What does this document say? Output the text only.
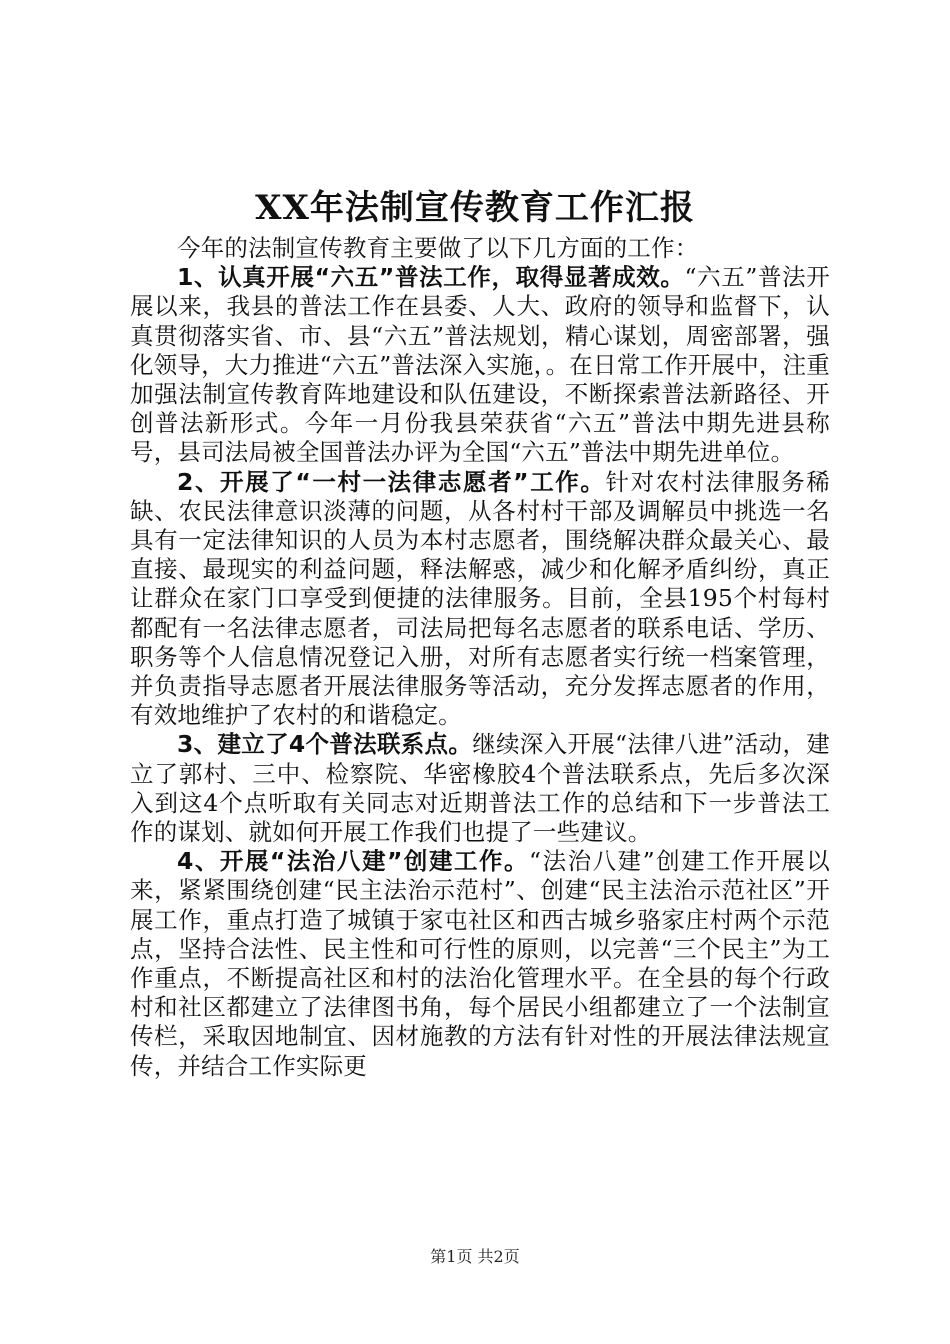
XX年法制宣传教育工作汇报

今年的法制宣传教育主要做了以下几方面的工作：

1、认真开展“六五”普法工作，取得显著成效。“六五”普法开展以来，我县的普法工作在县委、人大、政府的领导和监督下，认真贯彻落实省、市、县“六五”普法规划，精心谋划，周密部署，强化领导，大力推进“六五”普法深入实施，。在日常工作开展中，注重加强法制宣传教育阵地建设和队伍建设，不断探索普法新路径、开创普法新形式。今年一月份我县荣获省“六五”普法中期先进县称号，县司法局被全国普法办评为全国“六五”普法中期先进单位。

2、开展了“一村一法律志愿者”工作。针对农村法律服务稀缺、农民法律意识淡薄的问题，从各村村干部及调解员中挑选一名具有一定法律知识的人员为本村志愿者，围绕解决群众最关心、最直接、最现实的利益问题，释法解惑，减少和化解矛盾纠纷，真正让群众在家门口享受到便捷的法律服务。目前，全县195个村每村都配有一名法律志愿者，司法局把每名志愿者的联系电话、学历、职务等个人信息情况登记入册，对所有志愿者实行统一档案管理，并负责指导志愿者开展法律服务等活动，充分发挥志愿者的作用，有效地维护了农村的和谐稳定。

3、建立了4个普法联系点。继续深入开展“法律八进”活动，建立了郭村、三中、检察院、华密橡胶4个普法联系点，先后多次深入到这4个点听取有关同志对近期普法工作的总结和下一步普法工作的谋划、就如何开展工作我们也提了一些建议。

4、开展“法治八建”创建工作。“法治八建”创建工作开展以来，紧紧围绕创建“民主法治示范村”、创建“民主法治示范社区”开展工作，重点打造了城镇于家屯社区和西古城乡骆家庄村两个示范点，坚持合法性、民主性和可行性的原则，以完善“三个民主”为工作重点，不断提高社区和村的法治化管理水平。在全县的每个行政村和社区都建立了法律图书角，每个居民小组都建立了一个法制宣传栏，采取因地制宜、因材施教的方法有针对性的开展法律法规宣传，并结合工作实际更

第1页 共2页
